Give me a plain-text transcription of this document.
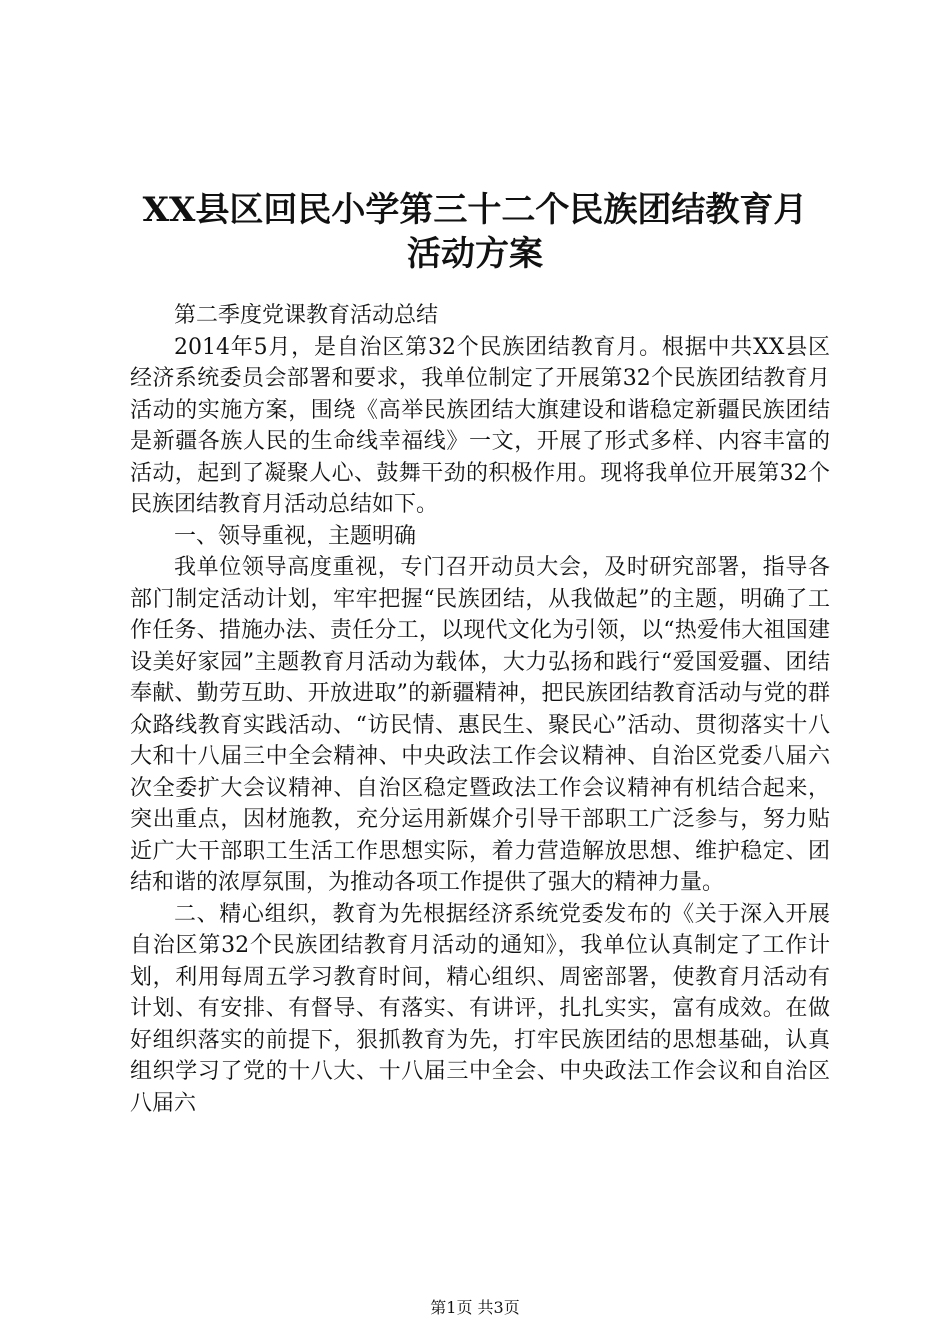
XX县区回民小学第三十二个民族团结教育月
活动方案

第二季度党课教育活动总结

2014年5月，是自治区第32个民族团结教育月。根据中共XX县区经济系统委员会部署和要求，我单位制定了开展第32个民族团结教育月活动的实施方案，围绕《高举民族团结大旗建设和谐稳定新疆民族团结是新疆各族人民的生命线幸福线》一文，开展了形式多样、内容丰富的活动，起到了凝聚人心、鼓舞干劲的积极作用。现将我单位开展第32个民族团结教育月活动总结如下。

一、领导重视，主题明确

我单位领导高度重视，专门召开动员大会，及时研究部署，指导各部门制定活动计划，牢牢把握“民族团结，从我做起”的主题，明确了工作任务、措施办法、责任分工，以现代文化为引领，以“热爱伟大祖国建设美好家园”主题教育月活动为载体，大力弘扬和践行“爱国爱疆、团结奉献、勤劳互助、开放进取”的新疆精神，把民族团结教育活动与党的群众路线教育实践活动、“访民情、惠民生、聚民心”活动、贯彻落实十八大和十八届三中全会精神、中央政法工作会议精神、自治区党委八届六次全委扩大会议精神、自治区稳定暨政法工作会议精神有机结合起来，突出重点，因材施教，充分运用新媒介引导干部职工广泛参与，努力贴近广大干部职工生活工作思想实际，着力营造解放思想、维护稳定、团结和谐的浓厚氛围，为推动各项工作提供了强大的精神力量。

二、精心组织，教育为先根据经济系统党委发布的《关于深入开展自治区第32个民族团结教育月活动的通知》，我单位认真制定了工作计划，利用每周五学习教育时间，精心组织、周密部署，使教育月活动有计划、有安排、有督导、有落实、有讲评，扎扎实实，富有成效。在做好组织落实的前提下，狠抓教育为先，打牢民族团结的思想基础，认真组织学习了党的十八大、十八届三中全会、中央政法工作会议和自治区八届六

第1页 共3页
